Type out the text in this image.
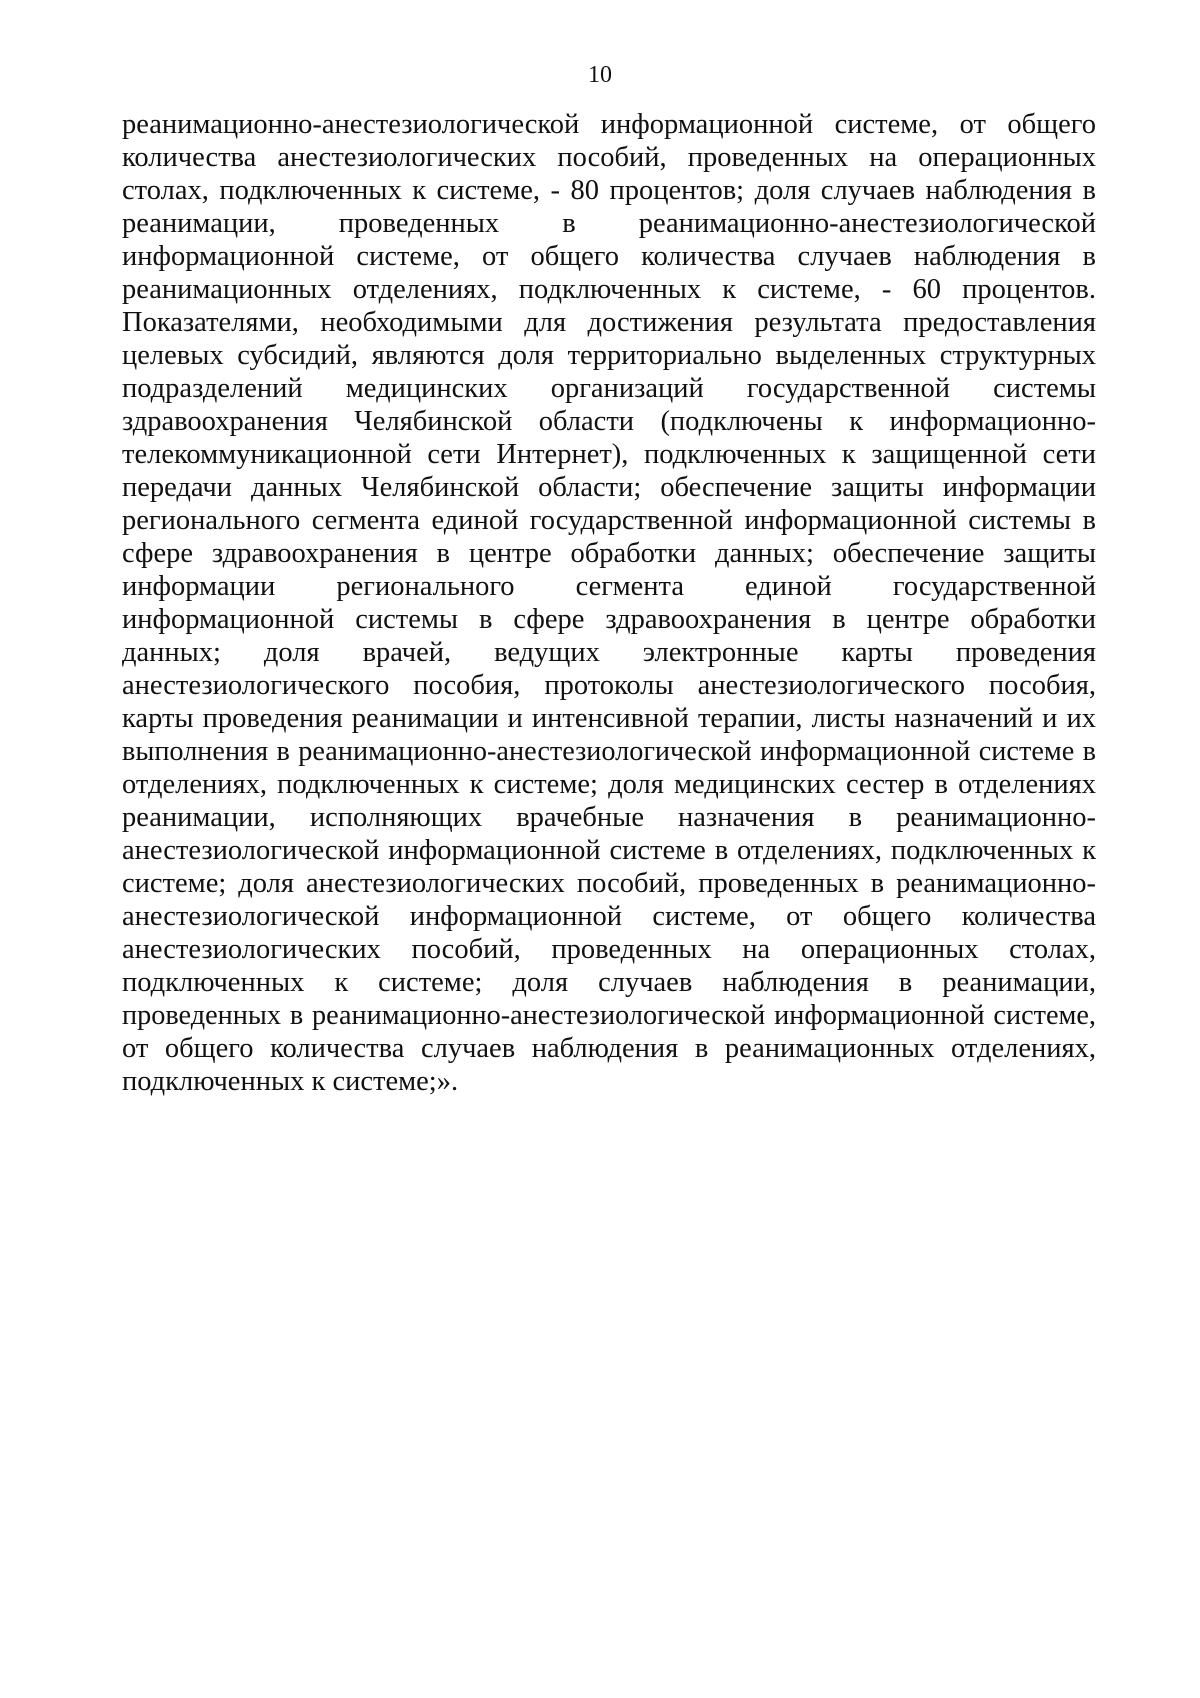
10
реанимационно-анестезиологической информационной системе, от общего
количества анестезиологических пособий, проведенных на операционных
столах, подключенных к системе, - 80 процентов; доля случаев наблюдения в
реанимации, проведенных в реанимационно-анестезиологической
информационной системе, от общего количества случаев наблюдения в
реанимационных отделениях, подключенных к системе, - 60 процентов.
Показателями, необходимыми для достижения результата предоставления
целевых субсидий, являются доля территориально выделенных структурных
подразделений медицинских организаций государственной системы
здравоохранения Челябинской области (подключены к информационно-
телекоммуникационной сети Интернет), подключенных к защищенной сети
передачи данных Челябинской области; обеспечение защиты информации
регионального сегмента единой государственной информационной системы в
сфере здравоохранения в центре обработки данных; обеспечение защиты
информации регионального сегмента единой государственной
информационной системы в сфере здравоохранения в центре обработки
данных; доля врачей, ведущих электронные карты проведения
анестезиологического пособия, протоколы анестезиологического пособия,
карты проведения реанимации и интенсивной терапии, листы назначений и их
выполнения в реанимационно-анестезиологической информационной системе в
отделениях, подключенных к системе; доля медицинских сестер в отделениях
реанимации, исполняющих врачебные назначения в реанимационно-
анестезиологической информационной системе в отделениях, подключенных к
системе; доля анестезиологических пособий, проведенных в реанимационно-
анестезиологической информационной системе, от общего количества
анестезиологических пособий, проведенных на операционных столах,
подключенных к системе; доля случаев наблюдения в реанимации,
проведенных в реанимационно-анестезиологической информационной системе,
от общего количества случаев наблюдения в реанимационных отделениях,
подключенных к системе;».
